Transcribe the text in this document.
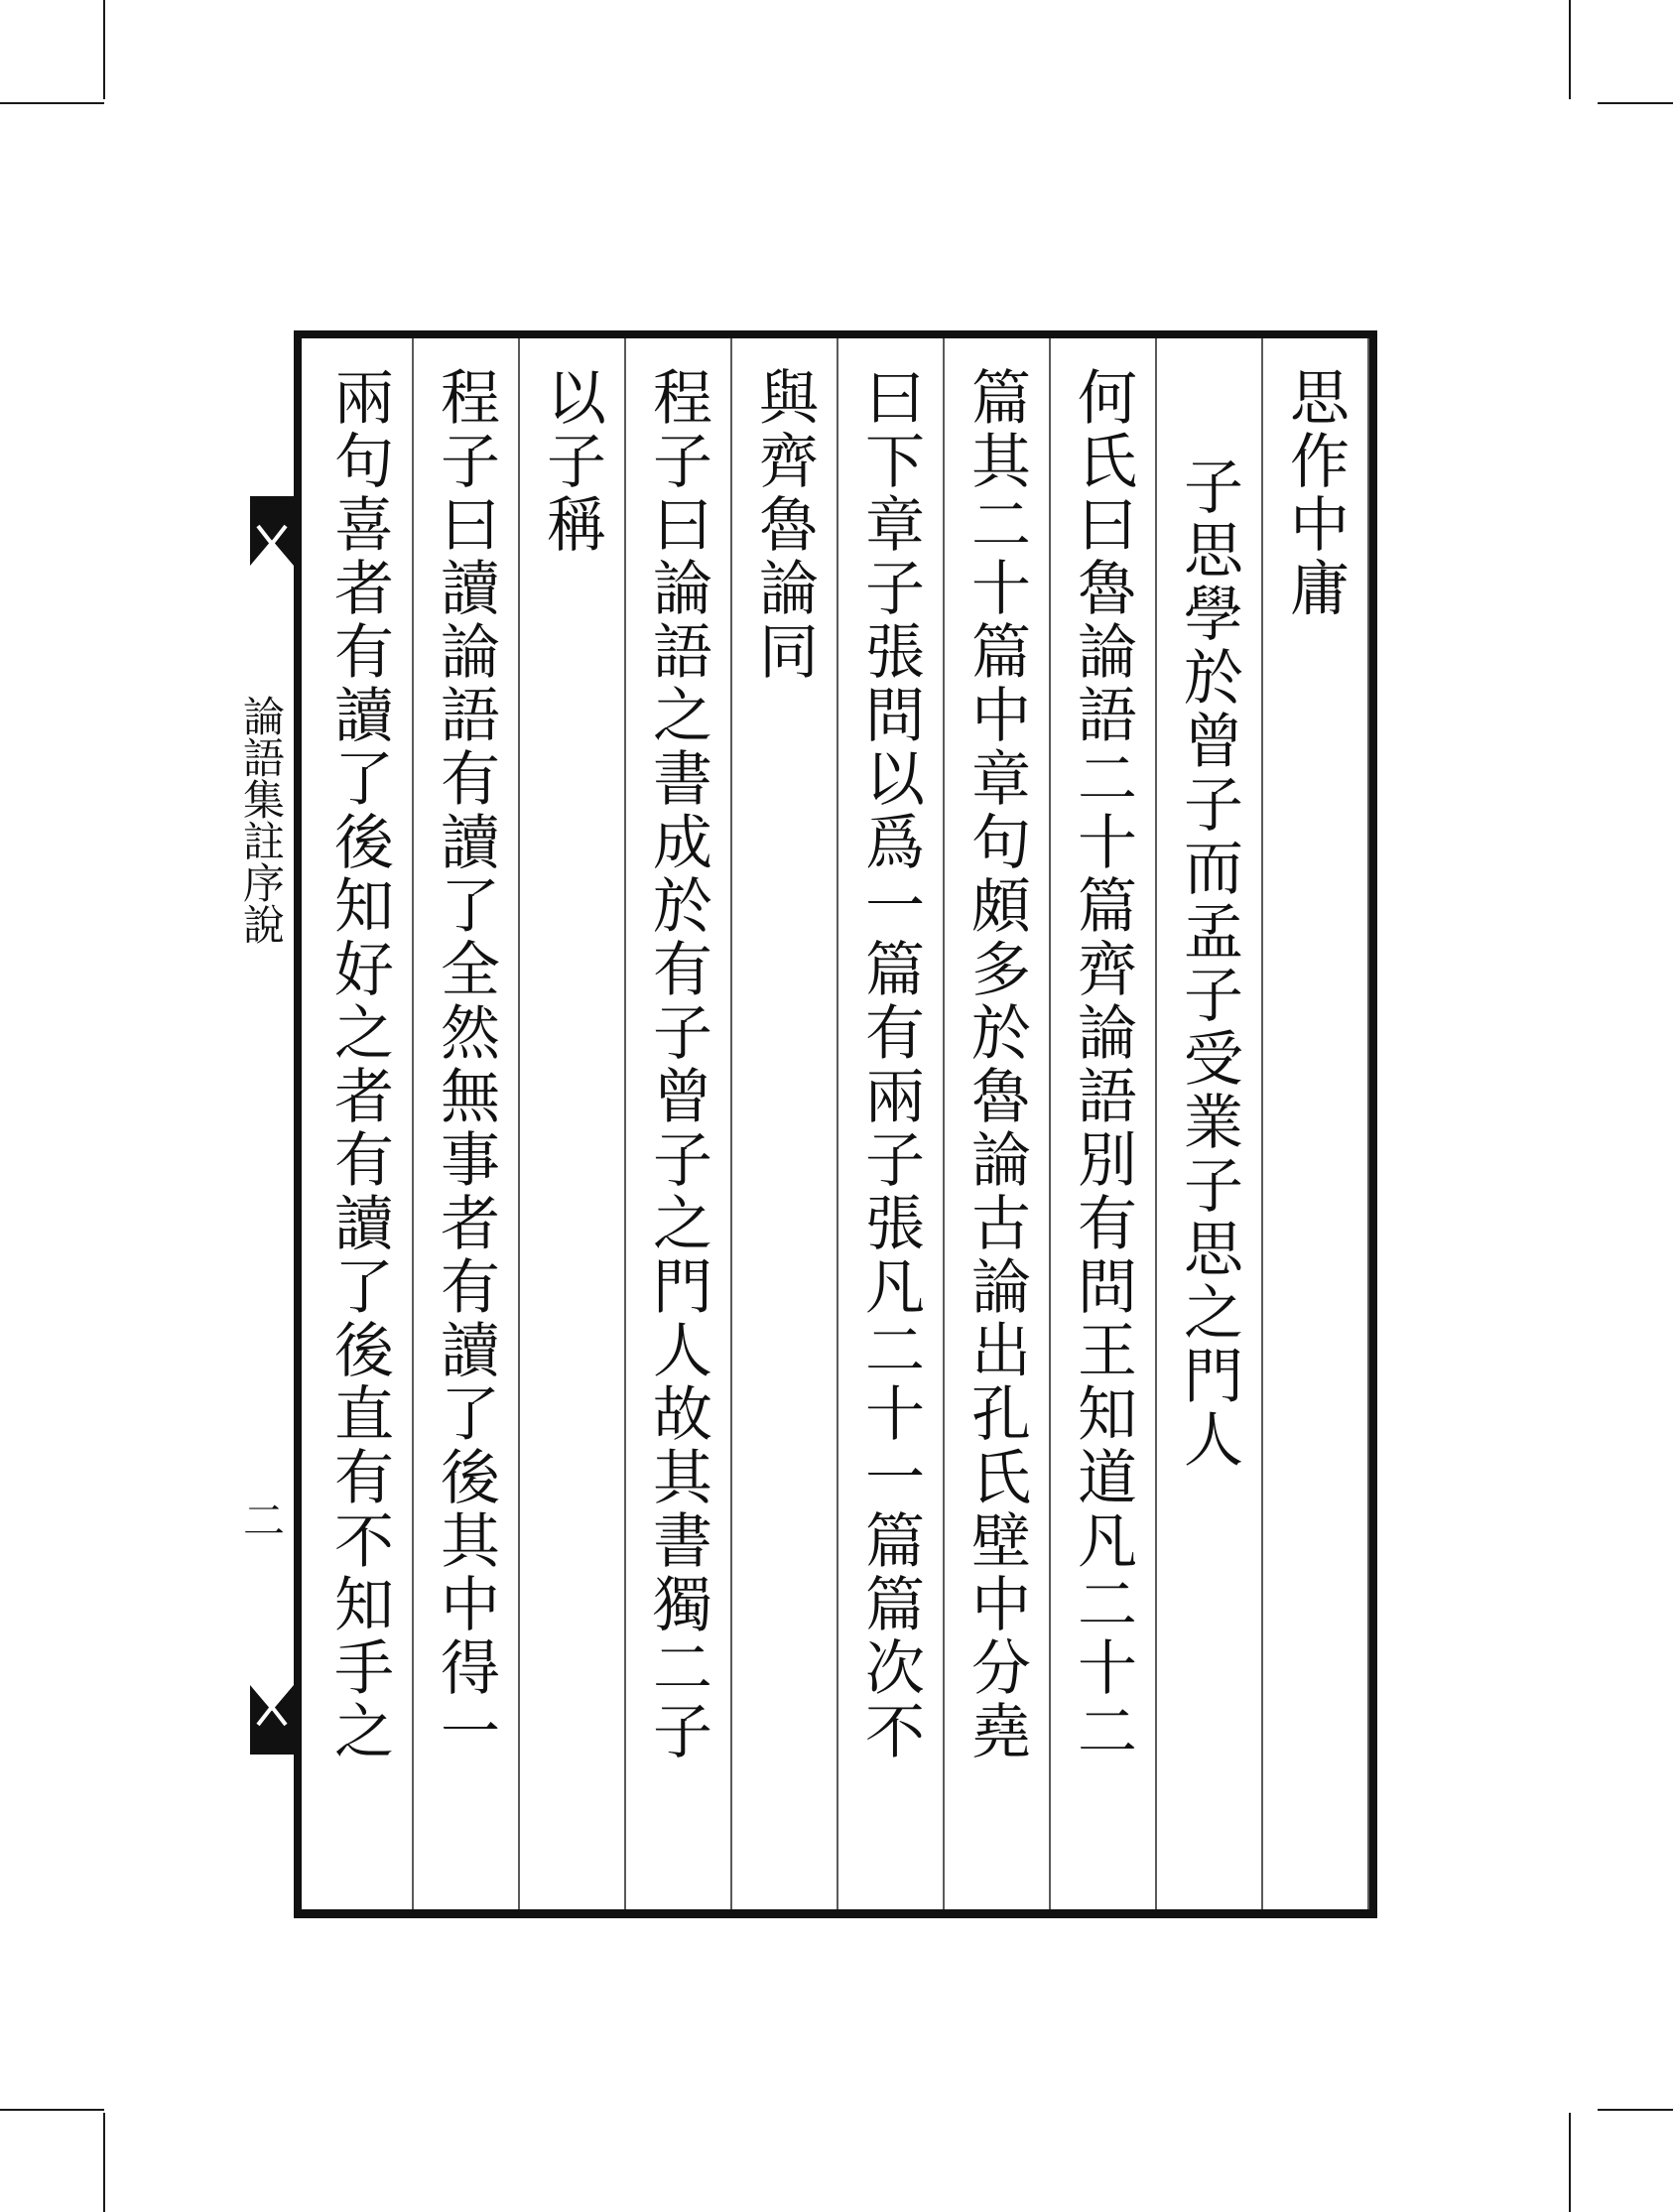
論語集註序說
二
思作中庸
子思學於曾子而孟子受業子思之門人
何氏曰魯論語二十篇齊論語別有問王知道凡二十二
篇其二十篇中章句頗多於魯論古論出孔氏壁中分堯
曰下章子張問以爲一篇有兩子張凡二十一篇篇次不
與齊魯論同
程子曰論語之書成於有子曾子之門人故其書獨二子
以子稱
程子曰讀論語有讀了全然無事者有讀了後其中得一
兩句喜者有讀了後知好之者有讀了後直有不知手之
